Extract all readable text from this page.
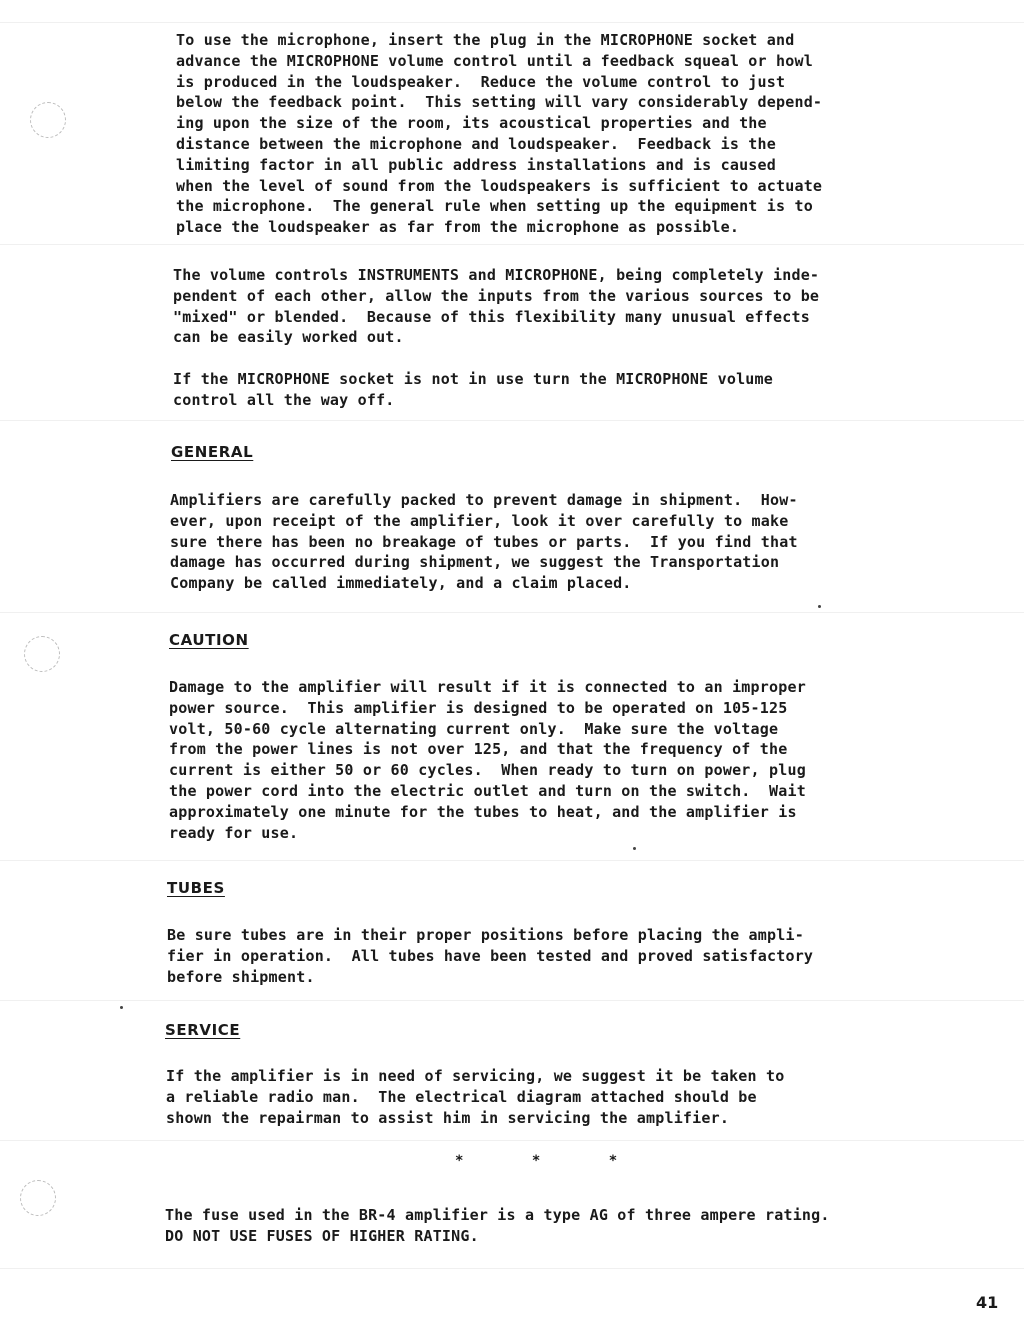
To use the microphone, insert the plug in the MICROPHONE socket and
advance the MICROPHONE volume control until a feedback squeal or howl
is produced in the loudspeaker.  Reduce the volume control to just
below the feedback point.  This setting will vary considerably depend-
ing upon the size of the room, its acoustical properties and the
distance between the microphone and loudspeaker.  Feedback is the
limiting factor in all public address installations and is caused
when the level of sound from the loudspeakers is sufficient to actuate
the microphone.  The general rule when setting up the equipment is to
place the loudspeaker as far from the microphone as possible.

The volume controls INSTRUMENTS and MICROPHONE, being completely inde-
pendent of each other, allow the inputs from the various sources to be
"mixed" or blended.  Because of this flexibility many unusual effects
can be easily worked out.

If the MICROPHONE socket is not in use turn the MICROPHONE volume
control all the way off.

GENERAL

Amplifiers are carefully packed to prevent damage in shipment.  How-
ever, upon receipt of the amplifier, look it over carefully to make
sure there has been no breakage of tubes or parts.  If you find that
damage has occurred during shipment, we suggest the Transportation
Company be called immediately, and a claim placed.

CAUTION

Damage to the amplifier will result if it is connected to an improper
power source.  This amplifier is designed to be operated on 105-125
volt, 50-60 cycle alternating current only.  Make sure the voltage
from the power lines is not over 125, and that the frequency of the
current is either 50 or 60 cycles.  When ready to turn on power, plug
the power cord into the electric outlet and turn on the switch.  Wait
approximately one minute for the tubes to heat, and the amplifier is
ready for use.

TUBES

Be sure tubes are in their proper positions before placing the ampli-
fier in operation.  All tubes have been tested and proved satisfactory
before shipment.

SERVICE

If the amplifier is in need of servicing, we suggest it be taken to
a reliable radio man.  The electrical diagram attached should be
shown the repairman to assist him in servicing the amplifier.

* * *

The fuse used in the BR-4 amplifier is a type AG of three ampere rating.
DO NOT USE FUSES OF HIGHER RATING.

41
